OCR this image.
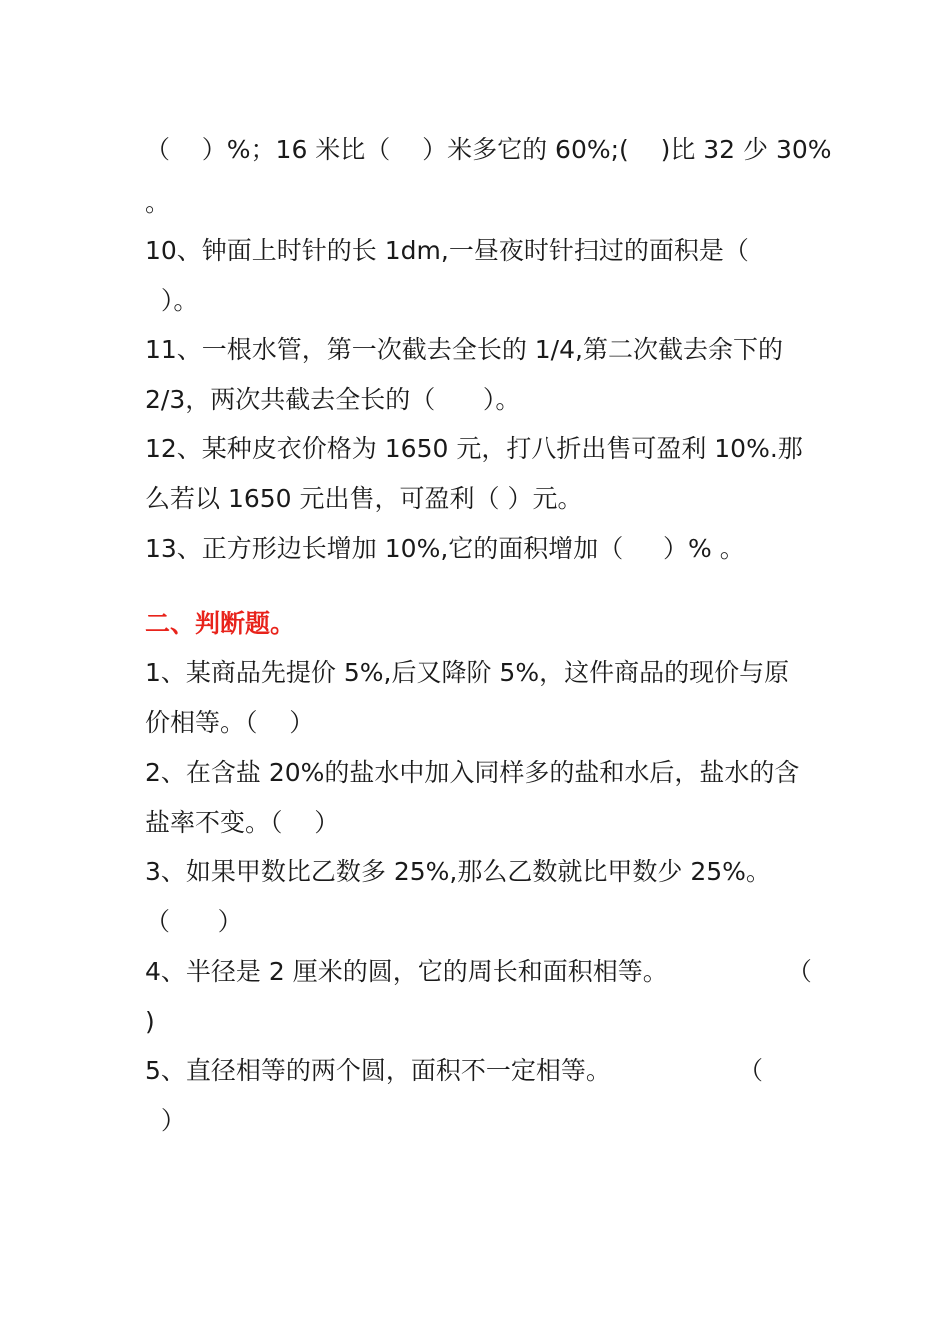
（    ）%；16 米比（    ）米多它的 60%;(    )比 32 少 30%
。
10、钟面上时针的长 1dm,一昼夜时针扫过的面积是（
）。
11、一根水管，第一次截去全长的 1/4,第二次截去余下的
2/3，两次共截去全长的（      ）。
12、某种皮衣价格为 1650 元，打八折出售可盈利 10%.那
么若以 1650 元出售，可盈利（ ）元。
13、正方形边长增加 10%,它的面积增加（     ）% 。
二、判断题。
1、某商品先提价 5%,后又降阶 5%，这件商品的现价与原
价相等。（    ）
2、在含盐 20%的盐水中加入同样多的盐和水后，盐水的含
盐率不变。（    ）
3、如果甲数比乙数多 25%,那么乙数就比甲数少 25%。
（      ）
4、半径是 2 厘米的圆，它的周长和面积相等。               （
)
5、直径相等的两个圆，面积不一定相等。                （
）
